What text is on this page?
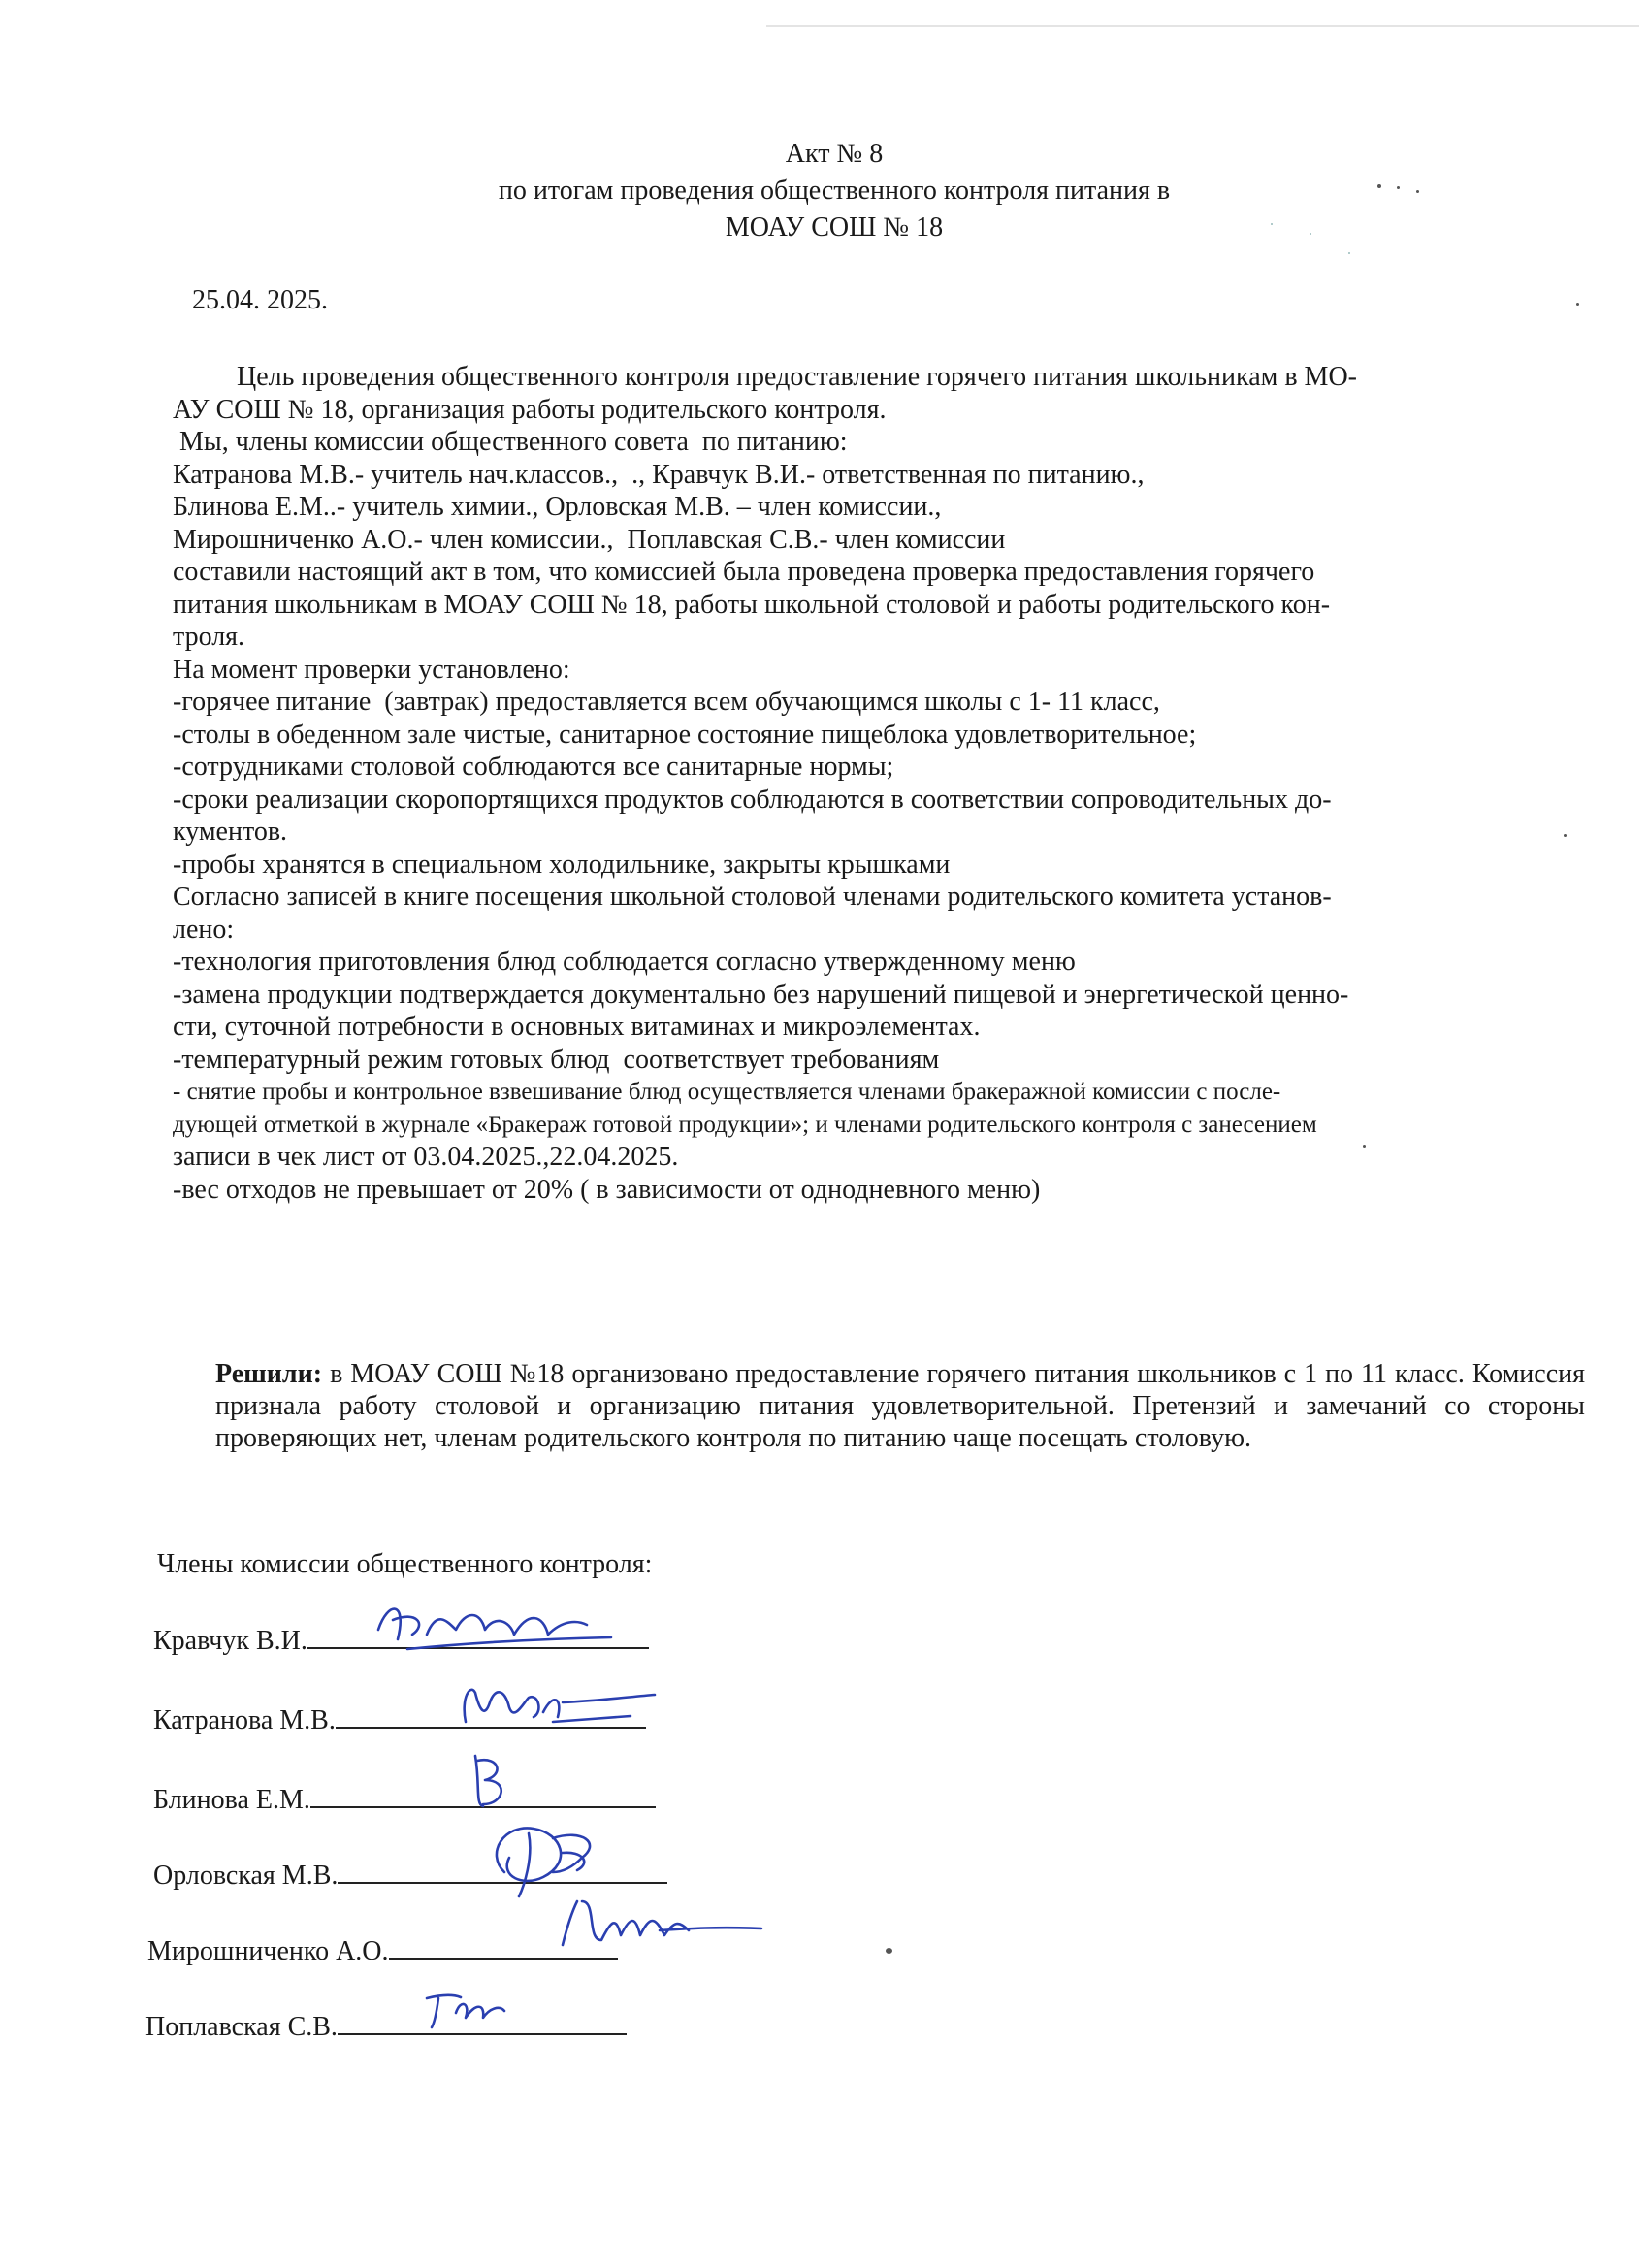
Акт № 8
по итогам проведения общественного контроля питания в
МОАУ СОШ № 18
25.04. 2025.

Цель проведения общественного контроля предоставление горячего питания школьникам в МО-

АУ СОШ № 18, организация работы родительского контроля.

Мы, члены комиссии общественного совета  по питанию:

Катранова М.В.- учитель нач.классов.,  ., Кравчук В.И.- ответственная по питанию.,

Блинова Е.М..- учитель химии., Орловская М.В. – член комиссии.,

Мирошниченко А.О.- член комиссии.,  Поплавская С.В.- член комиссии

составили настоящий акт в том, что комиссией была проведена проверка предоставления горячего

питания школьникам в МОАУ СОШ № 18, работы школьной столовой и работы родительского кон-

троля.

На момент проверки установлено:

-горячее питание  (завтрак) предоставляется всем обучающимся школы с 1- 11 класс,

-столы в обеденном зале чистые, санитарное состояние пищеблока удовлетворительное;

-сотрудниками столовой соблюдаются все санитарные нормы;

-сроки реализации скоропортящихся продуктов соблюдаются в соответствии сопроводительных до-

кументов.

-пробы хранятся в специальном холодильнике, закрыты крышками

Согласно записей в книге посещения школьной столовой членами родительского комитета установ-

лено:

-технология приготовления блюд соблюдается согласно утвержденному меню

-замена продукции подтверждается документально без нарушений пищевой и энергетической ценно-

сти, суточной потребности в основных витаминах и микроэлементах.

-температурный режим готовых блюд  соответствует требованиям

- снятие пробы и контрольное взвешивание блюд осуществляется членами бракеражной комиссии с после-

дующей отметкой в журнале «Бракераж готовой продукции»; и членами родительского контроля с занесением

записи в чек лист от 03.04.2025.,22.04.2025.

-вес отходов не превышает от 20% ( в зависимости от однодневного меню)

Решили: в МОАУ СОШ №18 организовано предоставление горячего питания школьников с 1 по 11 класс. Комиссия признала работу столовой и организацию питания удовлетворительной. Претензий и замечаний со стороны проверяющих нет, членам родительского контроля по питанию чаще посещать столовую.
Члены комиссии общественного контроля:
Кравчук В.И.
Катранова М.В.
Блинова Е.М.
Орловская М.В.
Мирошниченко А.О.
Поплавская С.В.
